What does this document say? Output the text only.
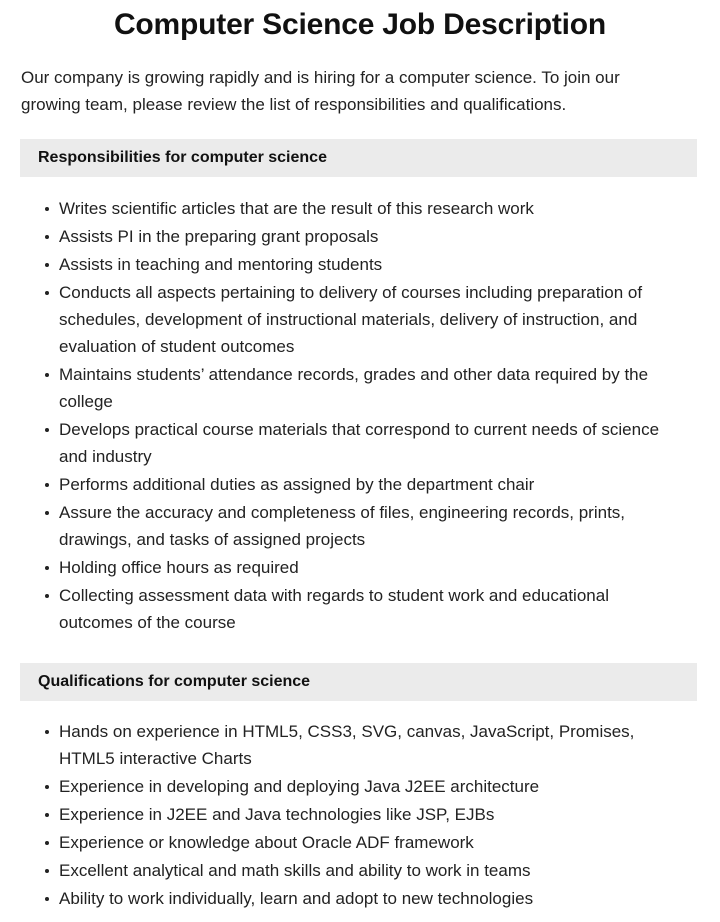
Computer Science Job Description

Our company is growing rapidly and is hiring for a computer science. To join our growing team, please review the list of responsibilities and qualifications.

Responsibilities for computer science
Writes scientific articles that are the result of this research work
Assists PI in the preparing grant proposals
Assists in teaching and mentoring students
Conducts all aspects pertaining to delivery of courses including preparation of schedules, development of instructional materials, delivery of instruction, and evaluation of student outcomes
Maintains students’ attendance records, grades and other data required by the college
Develops practical course materials that correspond to current needs of science and industry
Performs additional duties as assigned by the department chair
Assure the accuracy and completeness of files, engineering records, prints, drawings, and tasks of assigned projects
Holding office hours as required
Collecting assessment data with regards to student work and educational outcomes of the course
Qualifications for computer science
Hands on experience in HTML5, CSS3, SVG, canvas, JavaScript, Promises, HTML5 interactive Charts
Experience in developing and deploying Java J2EE architecture
Experience in J2EE and Java technologies like JSP, EJBs
Experience or knowledge about Oracle ADF framework
Excellent analytical and math skills and ability to work in teams
Ability to work individually, learn and adopt to new technologies
